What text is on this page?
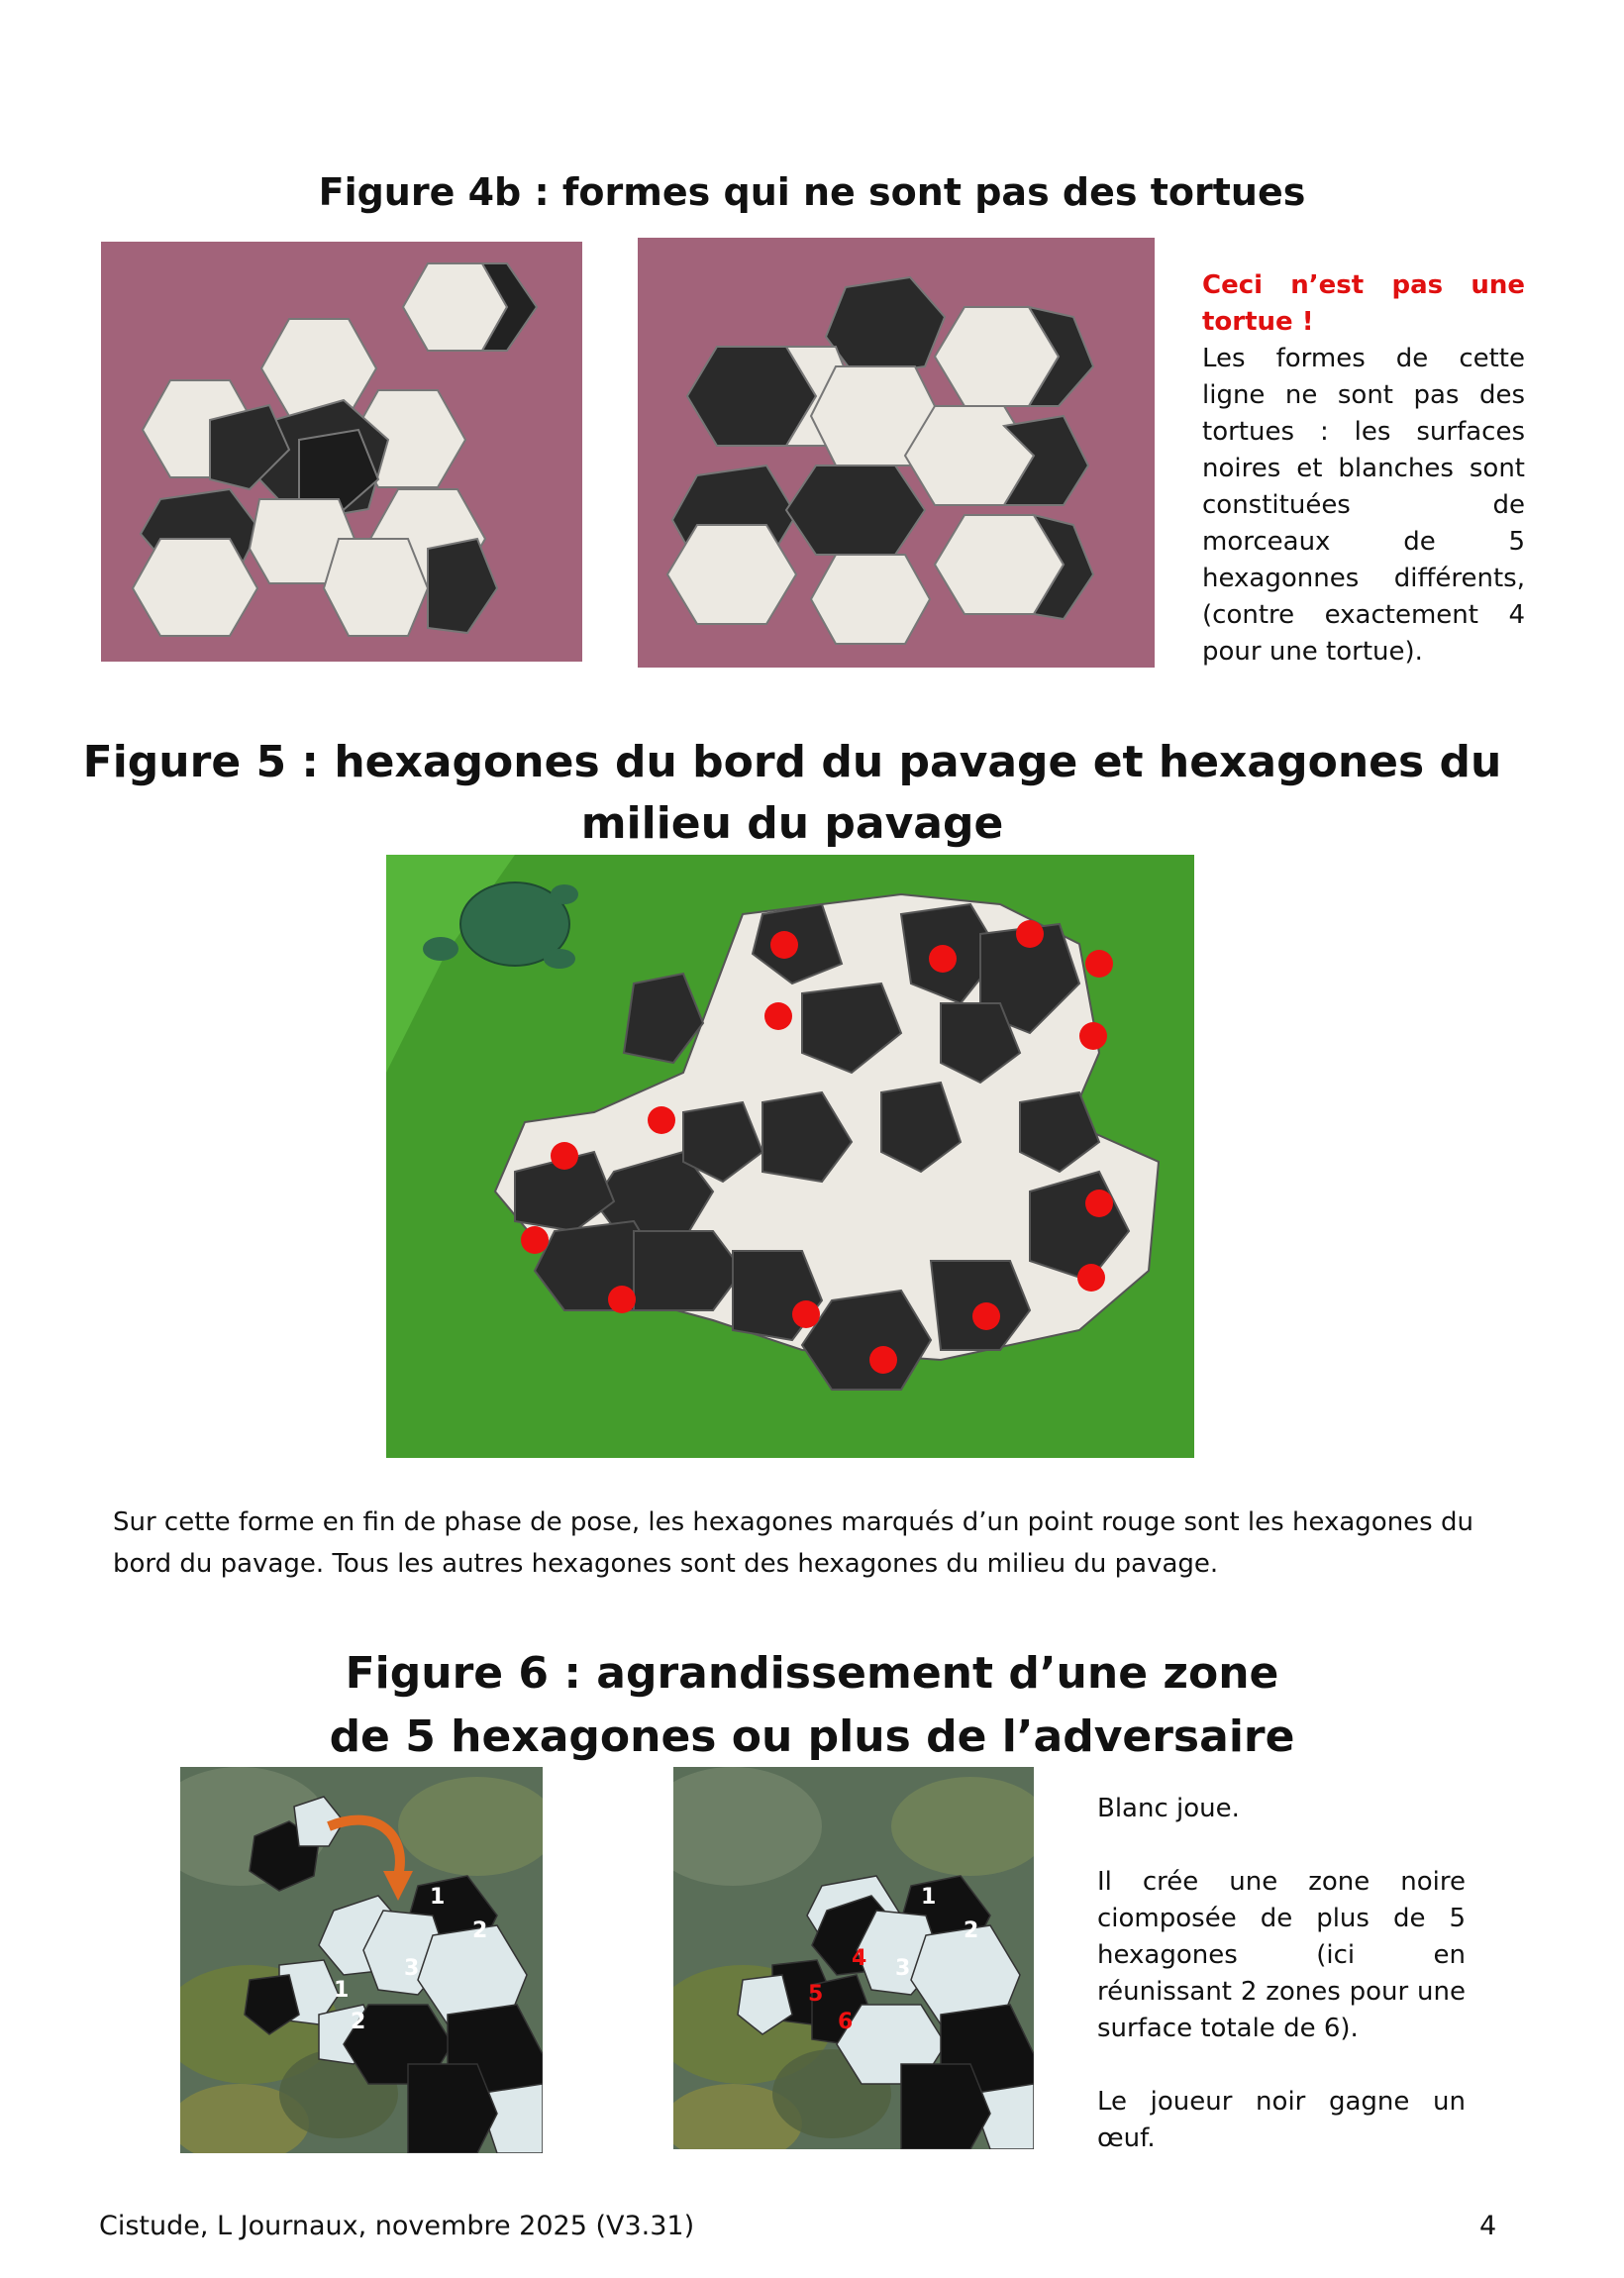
Figure 4b : formes qui ne sont pas des tortues

Ceci n’est pas une tortue !

Les formes de cette ligne ne sont pas des tortues : les surfaces noires et blanches sont constituées de morceaux de 5 hexagonnes différents, (contre exactement 4 pour une tortue).

Figure 5 : hexagones du bord du pavage et hexagones du
milieu du pavage
Sur cette forme en fin de phase de pose, les hexagones marqués d’un point rouge sont les hexagones du bord du pavage. Tous les autres hexagones sont des hexagones du milieu du pavage.
Figure 6 : agrandissement d’une zone
de 5 hexagones ou plus de l’adversaire
1
2
3
1
2
1
2
3
4
5
6

Blanc joue.

Il crée une zone noire ciomposée de plus de 5 hexagones (ici en réunissant 2 zones pour une surface totale de 6).

Le joueur noir gagne un œuf.

Cistude, L Journaux, novembre 2025 (V3.31)	4
